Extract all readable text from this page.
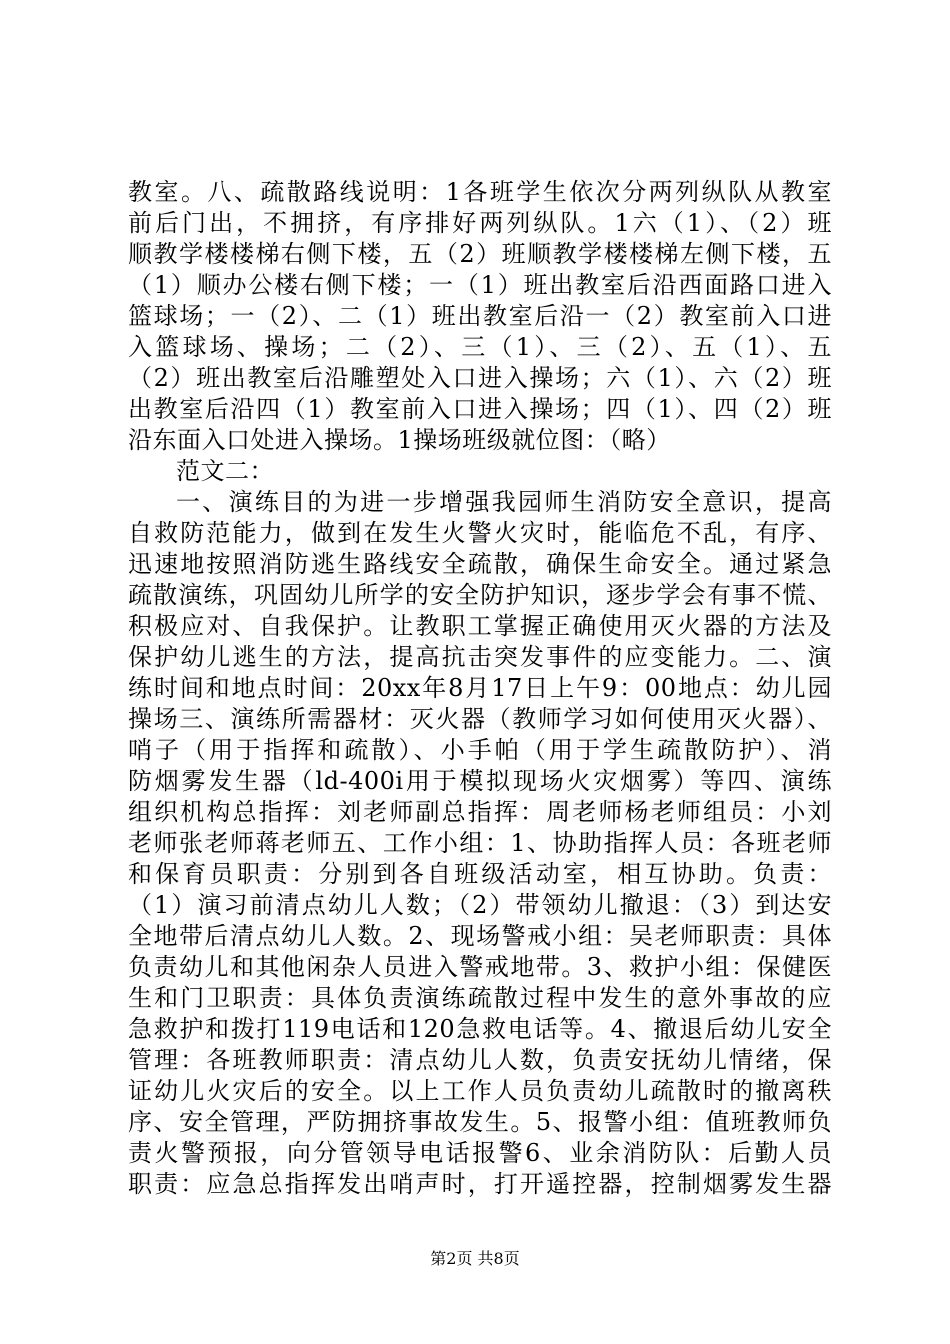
教室。八、疏散路线说明：1各班学生依次分两列纵队从教室
前后门出，不拥挤，有序排好两列纵队。1六（1）、（2）班
顺教学楼楼梯右侧下楼，五（2）班顺教学楼楼梯左侧下楼，五
（1）顺办公楼右侧下楼；一（1）班出教室后沿西面路口进入
篮球场；一（2）、二（1）班出教室后沿一（2）教室前入口进
入篮球场、操场；二（2）、三（1）、三（2）、五（1）、五
（2）班出教室后沿雕塑处入口进入操场；六（1）、六（2）班
出教室后沿四（1）教室前入口进入操场；四（1）、四（2）班
沿东面入口处进入操场。1操场班级就位图：（略）
范文二：
一、演练目的为进一步增强我园师生消防安全意识，提高
自救防范能力，做到在发生火警火灾时，能临危不乱，有序、
迅速地按照消防逃生路线安全疏散，确保生命安全。通过紧急
疏散演练，巩固幼儿所学的安全防护知识，逐步学会有事不慌、
积极应对、自我保护。让教职工掌握正确使用灭火器的方法及
保护幼儿逃生的方法，提高抗击突发事件的应变能力。二、演
练时间和地点时间：20xx年8月17日上午9：00地点：幼儿园
操场三、演练所需器材：灭火器（教师学习如何使用灭火器）、
哨子（用于指挥和疏散）、小手帕（用于学生疏散防护）、消
防烟雾发生器（ld-400i用于模拟现场火灾烟雾）等四、演练
组织机构总指挥：刘老师副总指挥：周老师杨老师组员：小刘
老师张老师蒋老师五、工作小组：1、协助指挥人员：各班老师
和保育员职责：分别到各自班级活动室，相互协助。负责：
（1）演习前清点幼儿人数；（2）带领幼儿撤退：（3）到达安
全地带后清点幼儿人数。2、现场警戒小组：吴老师职责：具体
负责幼儿和其他闲杂人员进入警戒地带。3、救护小组：保健医
生和门卫职责：具体负责演练疏散过程中发生的意外事故的应
急救护和拨打119电话和120急救电话等。4、撤退后幼儿安全
管理：各班教师职责：清点幼儿人数，负责安抚幼儿情绪，保
证幼儿火灾后的安全。以上工作人员负责幼儿疏散时的撤离秩
序、安全管理，严防拥挤事故发生。5、报警小组：值班教师负
责火警预报，向分管领导电话报警6、业余消防队：后勤人员
职责：应急总指挥发出哨声时，打开遥控器，控制烟雾发生器
第2页 共8页
